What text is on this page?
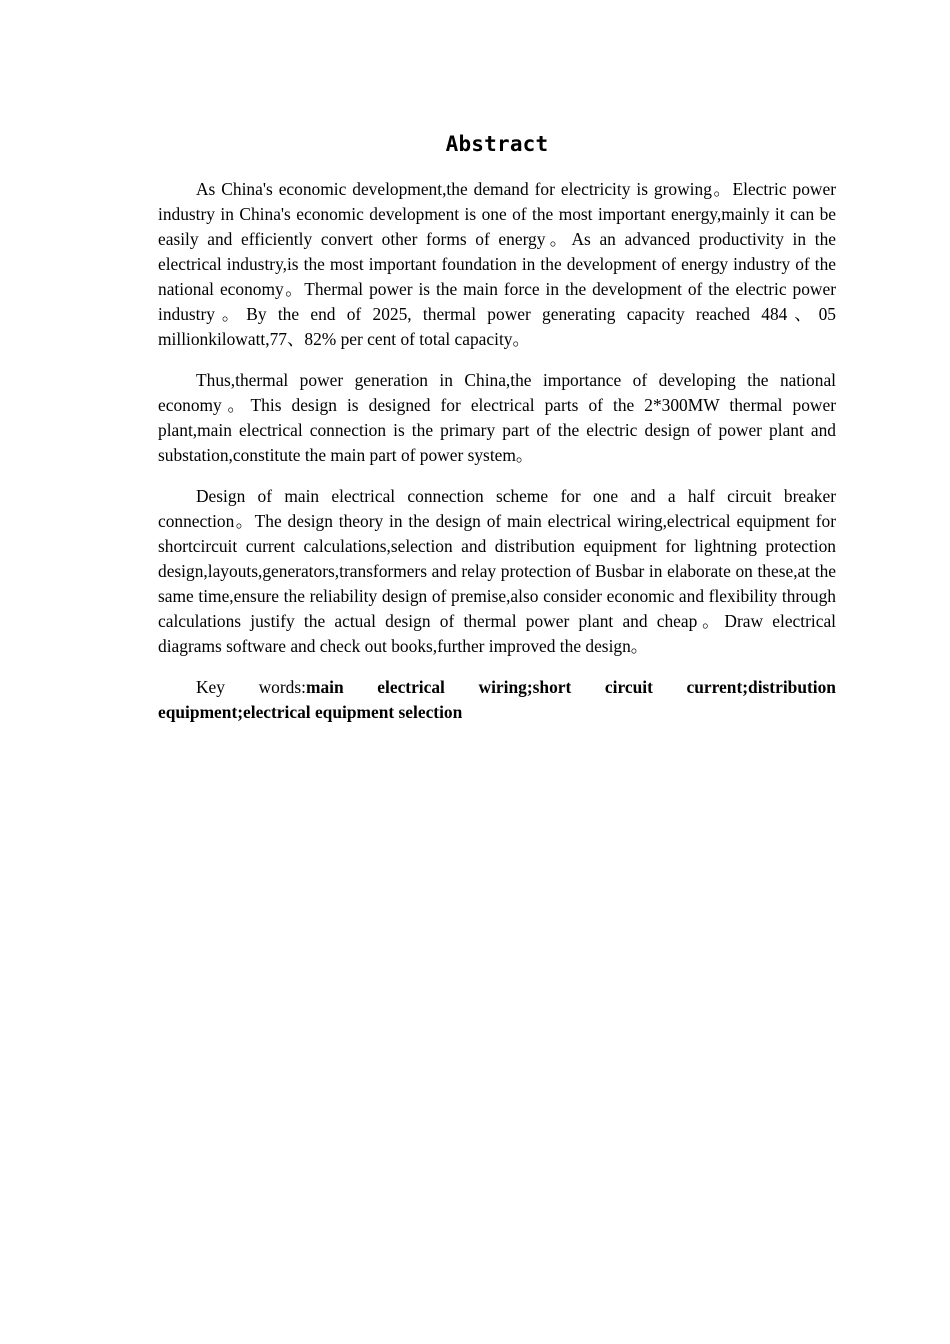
Abstract

As China's economic development,the demand for electricity is growing。Electric power industry in China's economic development is one of the most important energy,mainly it can be easily and efficiently convert other forms of energy。As an advanced productivity in the electrical industry,is the most important foundation in the development of energy industry of the national economy。Thermal power is the main force in the development of the electric power industry。By the end of 2025, thermal power generating capacity reached 484、05 millionkilowatt,77、82% per cent of total capacity。

Thus,thermal power generation in China,the importance of developing the national economy。This design is designed for electrical parts of the 2*300MW thermal power plant,main electrical connection is the primary part of the electric design of power plant and substation,constitute the main part of power system。

Design of main electrical connection scheme for one and a half circuit breaker connection。The design theory in the design of main electrical wiring,electrical equipment for shortcircuit current calculations,selection and distribution equipment for lightning protection design,layouts,generators,transformers and relay protection of Busbar in elaborate on these,at the same time,ensure the reliability design of premise,also consider economic and flexibility through calculations justify the actual design of thermal power plant and cheap。Draw electrical diagrams software and check out books,further improved the design。

Key words:main electrical wiring;short circuit current;distribution equipment;electrical equipment selection
